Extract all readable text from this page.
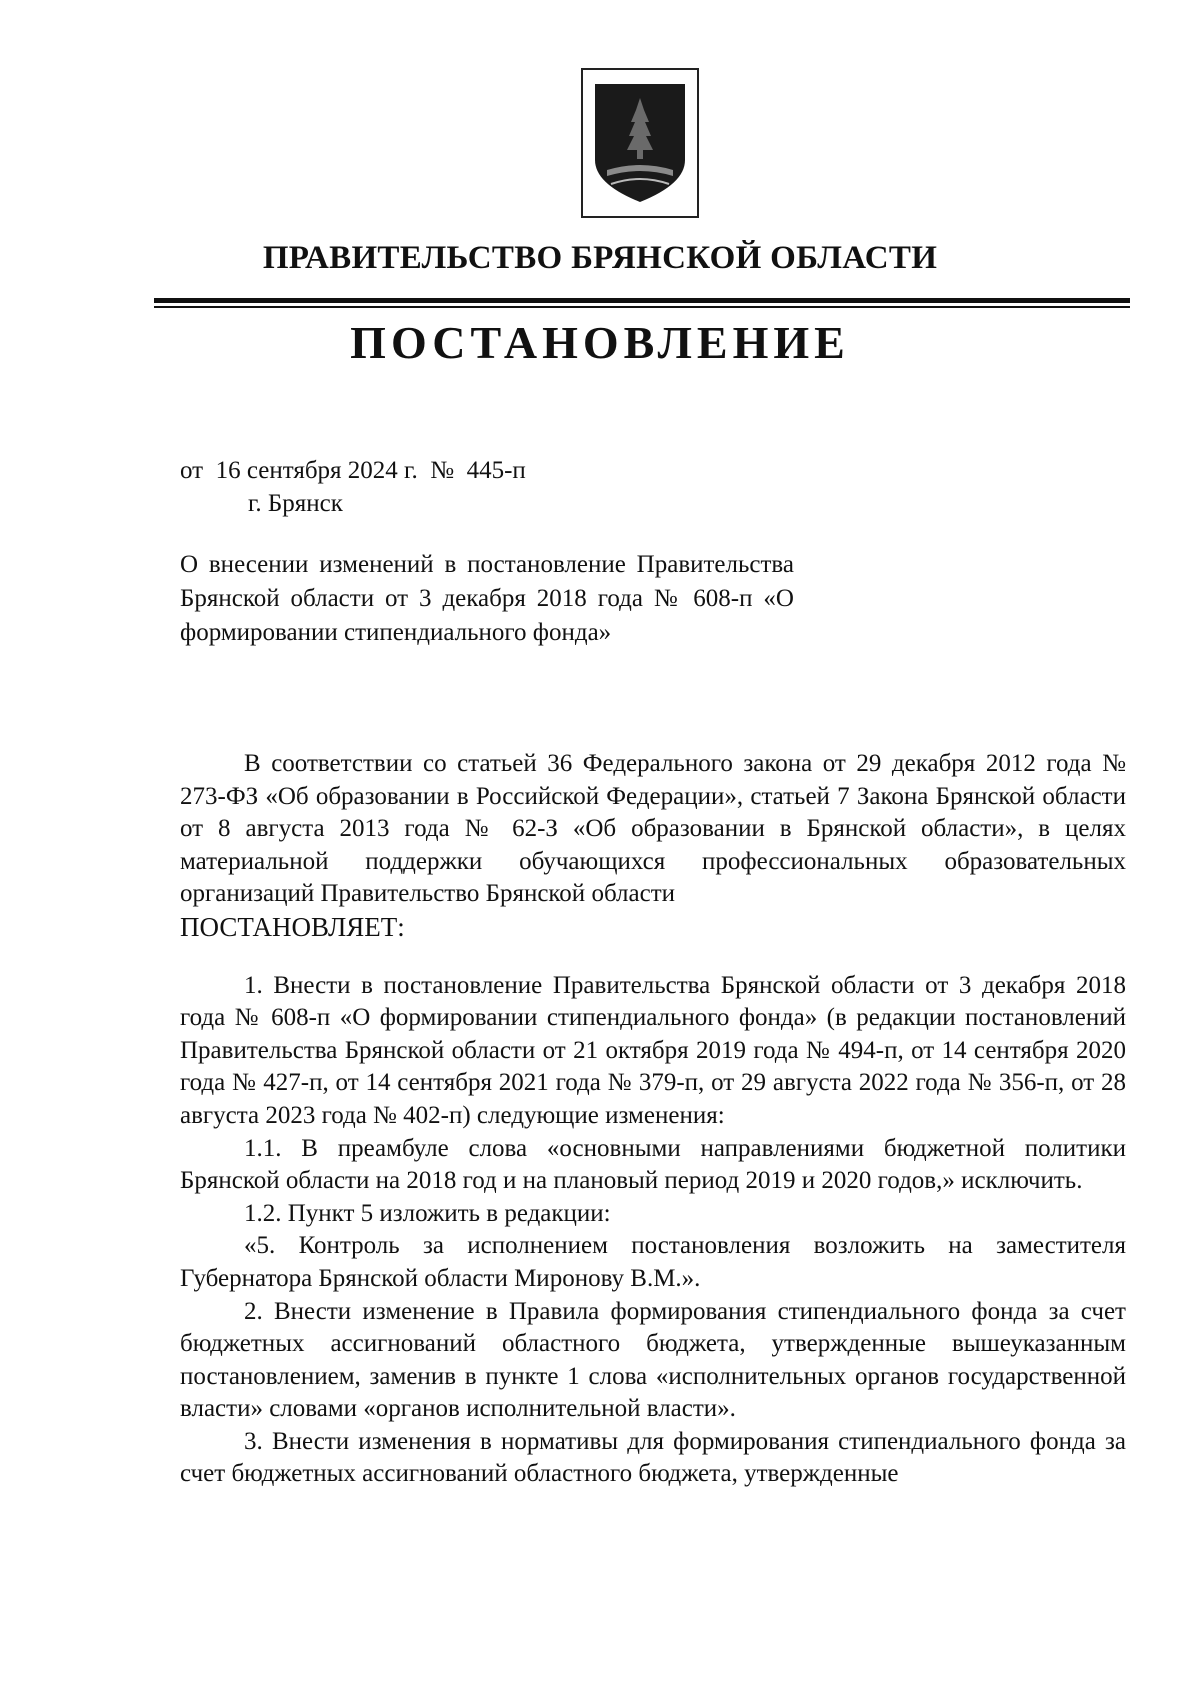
ПРАВИТЕЛЬСТВО БРЯНСКОЙ ОБЛАСТИ
ПОСТАНОВЛЕНИЕ
от  16 сентября 2024 г.  №  445-п
г. Брянск
О внесении изменений в постановление Правительства Брянской области от 3 декабря 2018 года № 608-п «О формировании стипендиального фонда»

В соответствии со статьей 36 Федерального закона от 29 декабря 2012 года № 273-ФЗ «Об образовании в Российской Федерации», статьей 7 Закона Брянской области от 8 августа 2013 года № 62-З «Об образовании в Брянской области», в целях материальной поддержки обучающихся профессиональных образовательных организаций Правительство Брянской области

ПОСТАНОВЛЯЕТ:

1. Внести в постановление Правительства Брянской области от 3 декабря 2018 года № 608-п «О формировании стипендиального фонда» (в редакции постановлений Правительства Брянской области от 21 октября 2019 года № 494-п, от 14 сентября 2020 года № 427-п, от 14 сентября 2021 года № 379-п, от 29 августа 2022 года № 356-п, от 28 августа 2023 года № 402-п) следующие изменения:

1.1. В преамбуле слова «основными направлениями бюджетной политики Брянской области на 2018 год и на плановый период 2019 и 2020 годов,» исключить.

1.2. Пункт 5 изложить в редакции:

«5. Контроль за исполнением постановления возложить на заместителя Губернатора Брянской области Миронову В.М.».

2. Внести изменение в Правила формирования стипендиального фонда за счет бюджетных ассигнований областного бюджета, утвержденные вышеуказанным постановлением, заменив в пункте 1 слова «исполнительных органов государственной власти» словами «органов исполнительной власти».

3. Внести изменения в нормативы для формирования стипендиального фонда за счет бюджетных ассигнований областного бюджета, утвержденные
